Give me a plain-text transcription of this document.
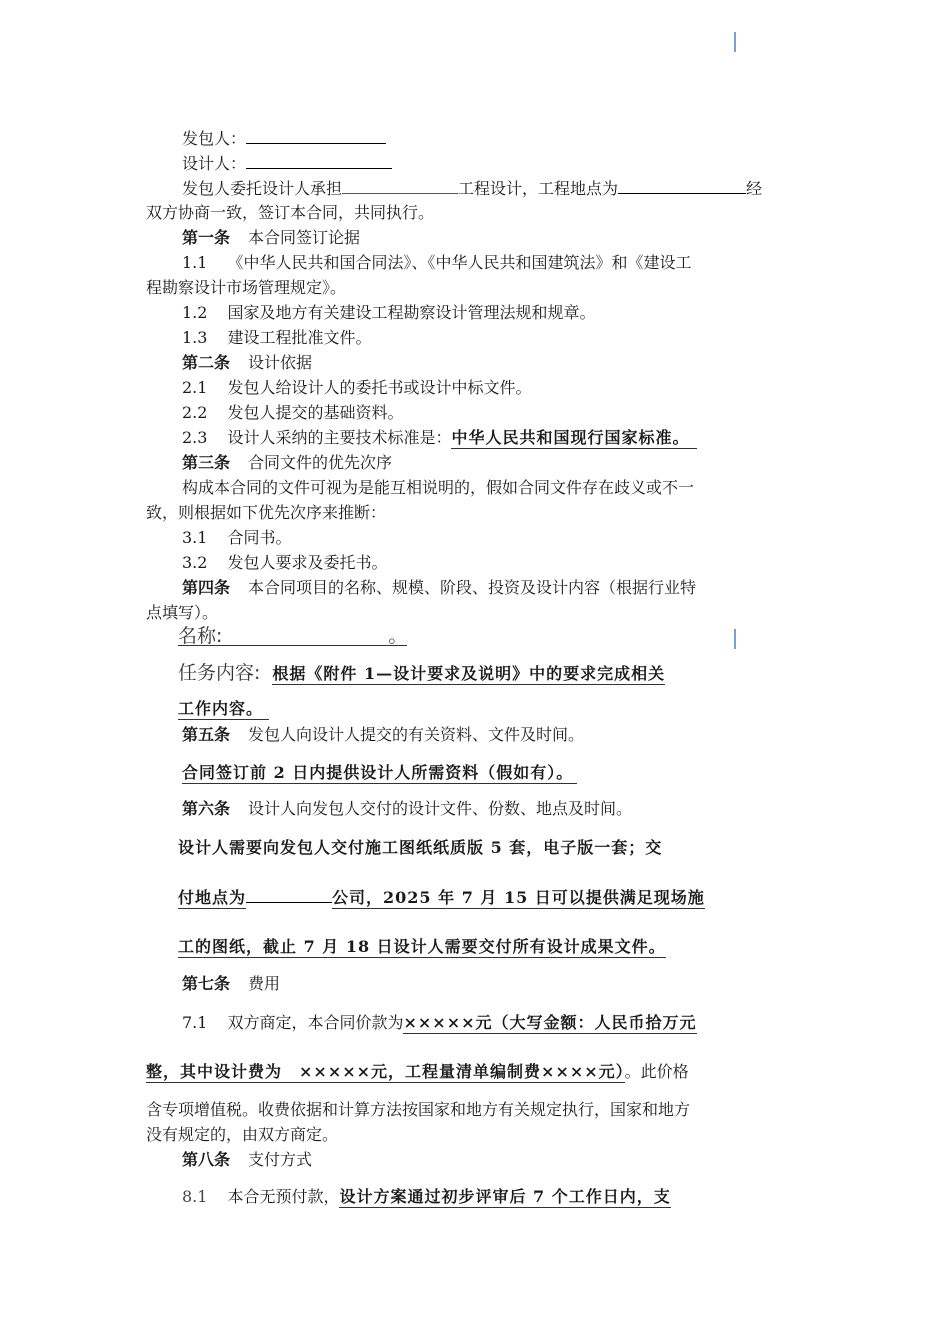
发包人：
设计人：
发包人委托设计人承担	工程设计，工程地点为	经
双方协商一致，签订本合同，共同执行。
第一条 本合同签订论据
1.1 《中华人民共和国合同法》、《中华人民共和国建筑法》和《建设工
程勘察设计市场管理规定》。
1.2 国家及地方有关建设工程勘察设计管理法规和规章。
1.3 建设工程批准文件。
第二条 设计依据
2.1 发包人给设计人的委托书或设计中标文件。
2.2 发包人提交的基础资料。
2.3 设计人采纳的主要技术标准是：中华人民共和国现行国家标准。
第三条 合同文件的优先次序
构成本合同的文件可视为是能互相说明的，假如合同文件存在歧义或不一
致，则根据如下优先次序来推断：
3.1 合同书。
3.2 发包人要求及委托书。
第四条 本合同项目的名称、规模、阶段、投资及设计内容（根据行业特
点填写）。
名称:	。
任务内容: 根据《附件 1—设计要求及说明》中的要求完成相关
工作内容。
第五条 发包人向设计人提交的有关资料、文件及时间。
合同签订前 2 日内提供设计人所需资料（假如有）。
第六条 设计人向发包人交付的设计文件、份数、地点及时间。
设计人需要向发包人交付施工图纸纸质版 5 套，电子版一套；交
付地点为	公司，2025 年 7 月 15 日可以提供满足现场施
工的图纸，截止 7 月 18 日设计人需要交付所有设计成果文件。
第七条 费用
7.1 双方商定，本合同价款为×××××元（大写金额：人民币拾万元
整，其中设计费为　×××××元，工程量清单编制费××××元）。此价格
含专项增值税。收费依据和计算方法按国家和地方有关规定执行，国家和地方
没有规定的，由双方商定。
第八条 支付方式
8.1 本合无预付款，设计方案通过初步评审后 7 个工作日内，支
